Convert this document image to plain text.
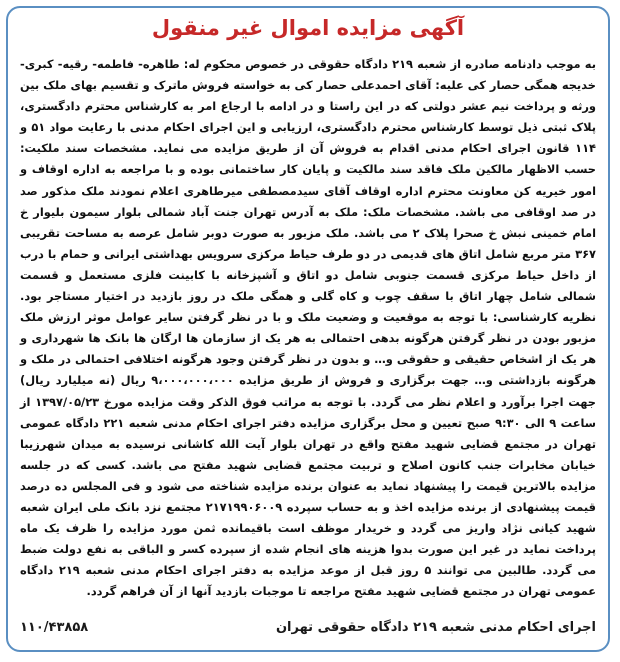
آگهی مزایده اموال غیر منقول
به موجب دادنامه صادره از شعبه ۲۱۹ دادگاه حقوقی در خصوص محکوم له: طاهره- فاطمه- رقیه- کبری- خدیجه همگی حصار کی علیه: آقای احمدعلی حصار کی به خواسته فروش ماترک و تقسیم بهای ملک بین ورثه و پرداخت نیم عشر دولتی که در این راستا و در ادامه با ارجاع امر به کارشناس محترم دادگستری، پلاک ثبتی ذیل توسط کارشناس محترم دادگستری، ارزیابی و این اجرای احکام مدنی با رعایت مواد ۵۱ و ۱۱۴ قانون اجرای احکام مدنی اقدام به فروش آن از طریق مزایده می نماید. مشخصات سند ملکیت: حسب الاظهار مالکین ملک فاقد سند مالکیت و پایان کار ساختمانی بوده و با مراجعه به اداره اوقاف و امور خیریه کن معاونت محترم اداره اوقاف آقای سیدمصطفی میرطاهری اعلام نمودند ملک مذکور صد در صد اوقافی می باشد. مشخصات ملک: ملک به آدرس تهران جنت آباد شمالی بلوار سیمون بلیوار خ امام خمینی نبش خ صحرا پلاک ۲ می باشد. ملک مزبور به صورت دوبر شامل عرصه به مساحت تقریبی ۳۶۷ متر مربع شامل اتاق های قدیمی در دو طرف حیاط مرکزی سرویس بهداشتی ایرانی و حمام با درب از داخل حیاط مرکزی قسمت جنوبی شامل دو اتاق و آشپزخانه با کابینت فلزی مستعمل و قسمت شمالی شامل چهار اتاق با سقف چوب و کاه گلی و همگی ملک در روز بازدید در اختیار مستاجر بود. نظریه کارشناسی: با توجه به موقعیت و وضعیت ملک و با در نظر گرفتن سایر عوامل موثر ارزش ملک مزبور بودن در نظر گرفتن هرگونه بدهی احتمالی به هر یک از سازمان ها ارگان ها بانک ها شهرداری و هر یک از اشخاص حقیقی و حقوقی و… و بدون در نظر گرفتن وجود هرگونه اختلافی احتمالی در ملک و هرگونه بازداشتی و… جهت برگزاری و فروش از طریق مزایده ۹،۰۰۰،۰۰۰،۰۰۰ ریال (نه میلیارد ریال) جهت اجرا برآورد و اعلام نظر می گردد. با توجه به مراتب فوق الذکر وقت مزایده مورخ ۱۳۹۷/۰۵/۲۳ از ساعت ۹ الی ۹:۳۰ صبح تعیین و محل برگزاری مزایده دفتر اجرای احکام مدنی شعبه ۲۲۱ دادگاه عمومی تهران در مجتمع قضایی شهید مفتح واقع در تهران بلوار آیت الله کاشانی نرسیده به میدان شهرزیبا خیابان مخابرات جنب کانون اصلاح و تربیت مجتمع قضایی شهید مفتح می باشد. کسی که در جلسه مزایده بالاترین قیمت را پیشنهاد نماید به عنوان برنده مزایده شناخته می شود و فی المجلس ده درصد قیمت پیشنهادی از برنده مزایده اخذ و به حساب سپرده ۲۱۷۱۹۹۰۶۰۰۹ مجتمع نزد بانک ملی ایران شعبه شهید کیانی نژاد واریز می گردد و خریدار موظف است باقیمانده ثمن مورد مزایده را ظرف یک ماه پرداخت نماید در غیر این صورت بدوا هزینه های انجام شده از سپرده کسر و الباقی به نفع دولت ضبط می گردد. طالبین می توانند ۵ روز قبل از موعد مزایده به دفتر اجرای احکام مدنی شعبه ۲۱۹ دادگاه عمومی تهران در مجتمع قضایی شهید مفتح مراجعه تا موجبات بازدید آنها از آن فراهم گردد.
اجرای احکام مدنی شعبه ۲۱۹ دادگاه حقوقی تهران
۱۱۰/۴۳۸۵۸
